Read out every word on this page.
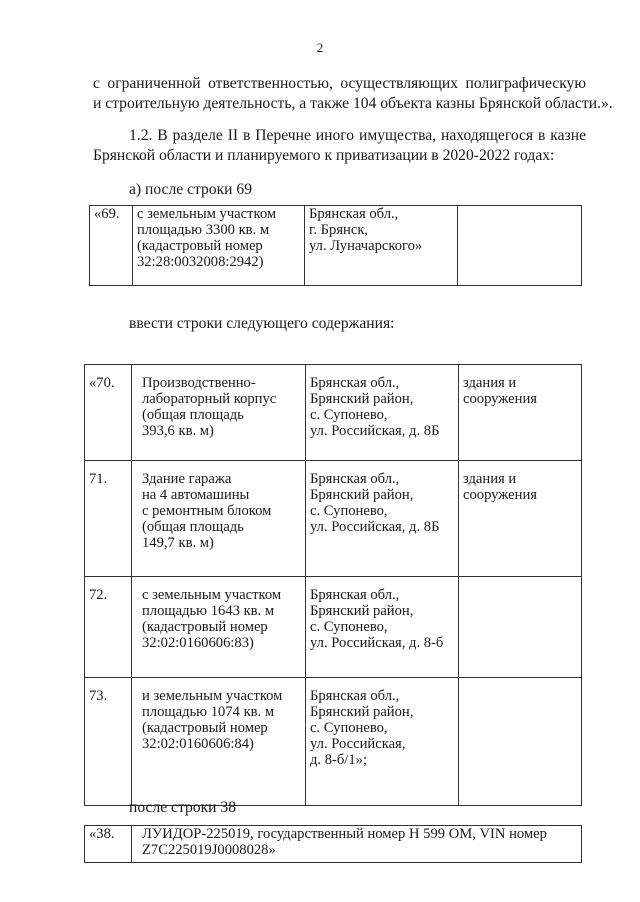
2
с ограниченной ответственностью, осуществляющих полиграфическую
и строительную деятельность, а также 104 объекта казны Брянской области.».
1.2. В разделе II в Перечне иного имущества, находящегося в казне
Брянской области и планируемого к приватизации в 2020-2022 годах:
а) после строки 69
«69.	с земельным участком
площадью 3300 кв. м
(кадастровый номер
32:28:0032008:2942)	Брянская обл.,
г. Брянск,
ул. Луначарского»	
ввести строки следующего содержания:
«70.	Производственно-
лабораторный корпус
(общая площадь
393,6 кв. м)	Брянская обл.,
Брянский район,
с. Супонево,
ул. Российская, д. 8Б	здания и
сооружения
71.	Здание гаража
на 4 автомашины
с ремонтным блоком
(общая площадь
149,7 кв. м)	Брянская обл.,
Брянский район,
с. Супонево,
ул. Российская, д. 8Б	здания и
сооружения
72.	с земельным участком
площадью 1643 кв. м
(кадастровый номер
32:02:0160606:83)	Брянская обл.,
Брянский район,
с. Супонево,
ул. Российская, д. 8-б	
73.	и земельным участком
площадью 1074 кв. м
(кадастровый номер
32:02:0160606:84)	Брянская обл.,
Брянский район,
с. Супонево,
ул. Российская,
д. 8-б/1»;	
после строки 38
«38.	ЛУИДОР-225019, государственный номер Н 599 ОМ, VIN номер
Z7C225019J0008028»
